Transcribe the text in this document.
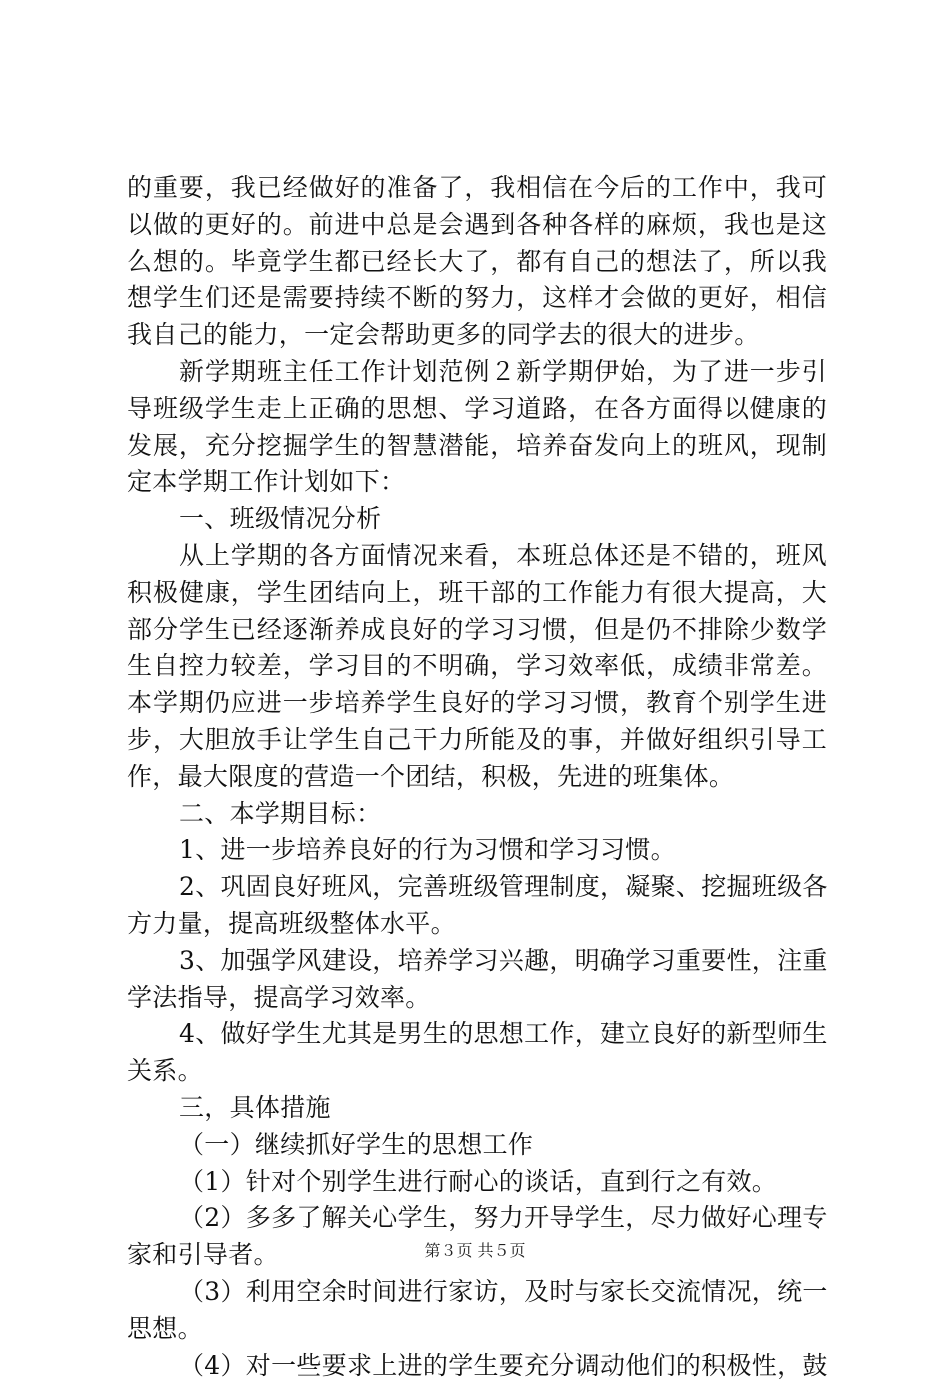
的重要，我已经做好的准备了，我相信在今后的工作中，我可
以做的更好的。前进中总是会遇到各种各样的麻烦，我也是这
么想的。毕竟学生都已经长大了，都有自己的想法了，所以我
想学生们还是需要持续不断的努力，这样才会做的更好，相信
我自己的能力，一定会帮助更多的同学去的很大的进步。
新学期班主任工作计划范例２新学期伊始，为了进一步引
导班级学生走上正确的思想、学习道路，在各方面得以健康的
发展，充分挖掘学生的智慧潜能，培养奋发向上的班风，现制
定本学期工作计划如下：
一、班级情况分析
从上学期的各方面情况来看，本班总体还是不错的，班风
积极健康，学生团结向上，班干部的工作能力有很大提高，大
部分学生已经逐渐养成良好的学习习惯，但是仍不排除少数学
生自控力较差，学习目的不明确，学习效率低，成绩非常差。
本学期仍应进一步培养学生良好的学习习惯，教育个别学生进
步，大胆放手让学生自己干力所能及的事，并做好组织引导工
作，最大限度的营造一个团结，积极，先进的班集体。
二、本学期目标：
1、进一步培养良好的行为习惯和学习习惯。
2、巩固良好班风，完善班级管理制度，凝聚、挖掘班级各
方力量，提高班级整体水平。
3、加强学风建设，培养学习兴趣，明确学习重要性，注重
学法指导，提高学习效率。
4、做好学生尤其是男生的思想工作，建立良好的新型师生
关系。
三，具体措施
（一）继续抓好学生的思想工作
（1）针对个别学生进行耐心的谈话，直到行之有效。
（2）多多了解关心学生，努力开导学生，尽力做好心理专
家和引导者。
（3）利用空余时间进行家访，及时与家长交流情况，统一
思想。
（4）对一些要求上进的学生要充分调动他们的积极性，鼓
第３页 共５页
